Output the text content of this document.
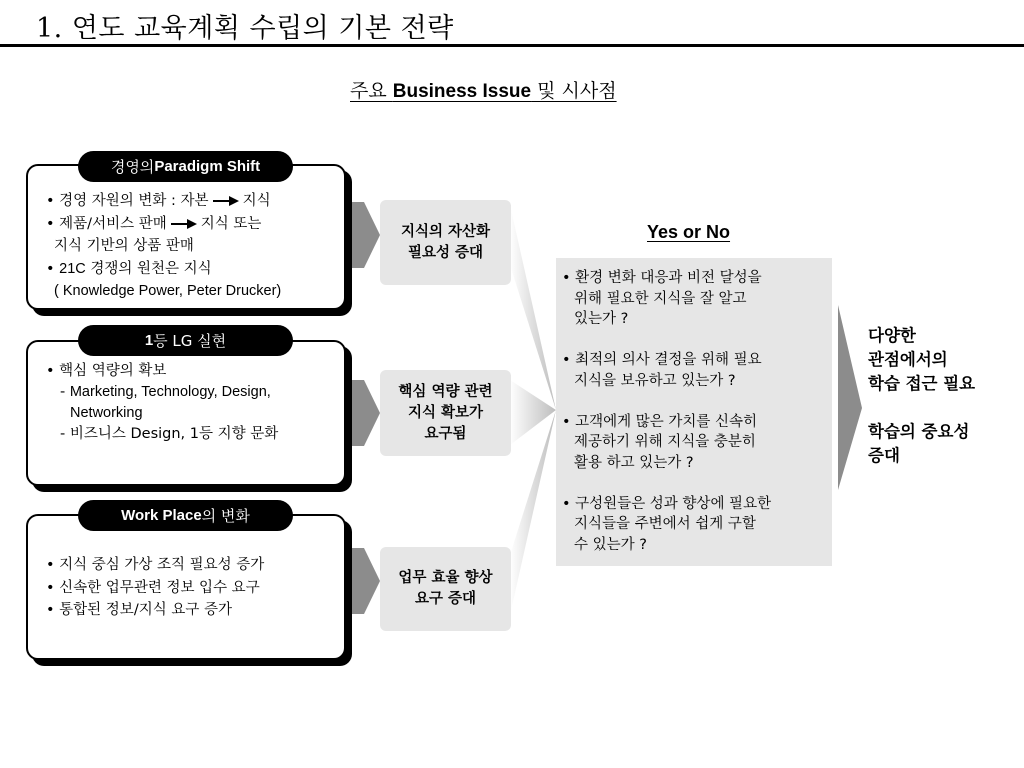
1. 연도 교육계획 수립의 기본 전략
주요 Business Issue 및 시사점
경영의 Paradigm Shift
• 경영 자원의 변화 : 자본 지식
• 제품/서비스 판매 지식 또는
지식 기반의 상품 판매
• 21C 경쟁의 원천은 지식
( Knowledge Power, Peter Drucker)
지식의 자산화
필요성 증대
1 등 LG 실현
• 핵심 역량의 확보
- Marketing, Technology, Design,
Networking
- 비즈니스 Design, 1등 지향 문화
핵심 역량 관련
지식 확보가
요구됨
Work Place 의 변화
• 지식 중심 가상 조직 필요성 증가
• 신속한 업무관련 정보 입수 요구
• 통합된 정보/지식 요구 증가
업무 효율 향상
요구 증대
Yes or No
• 환경 변화 대응과 비전 달성을
위해 필요한 지식을 잘 알고
있는가 ?
• 최적의 의사 결정을 위해 필요
지식을 보유하고 있는가 ?
• 고객에게 많은 가치를 신속히
제공하기 위해 지식을 충분히
활용 하고 있는가 ?
• 구성원들은 성과 향상에 필요한
지식들을 주변에서 쉽게 구할
수 있는가 ?
다양한
관점에서의
학습 접근 필요
학습의 중요성
증대
